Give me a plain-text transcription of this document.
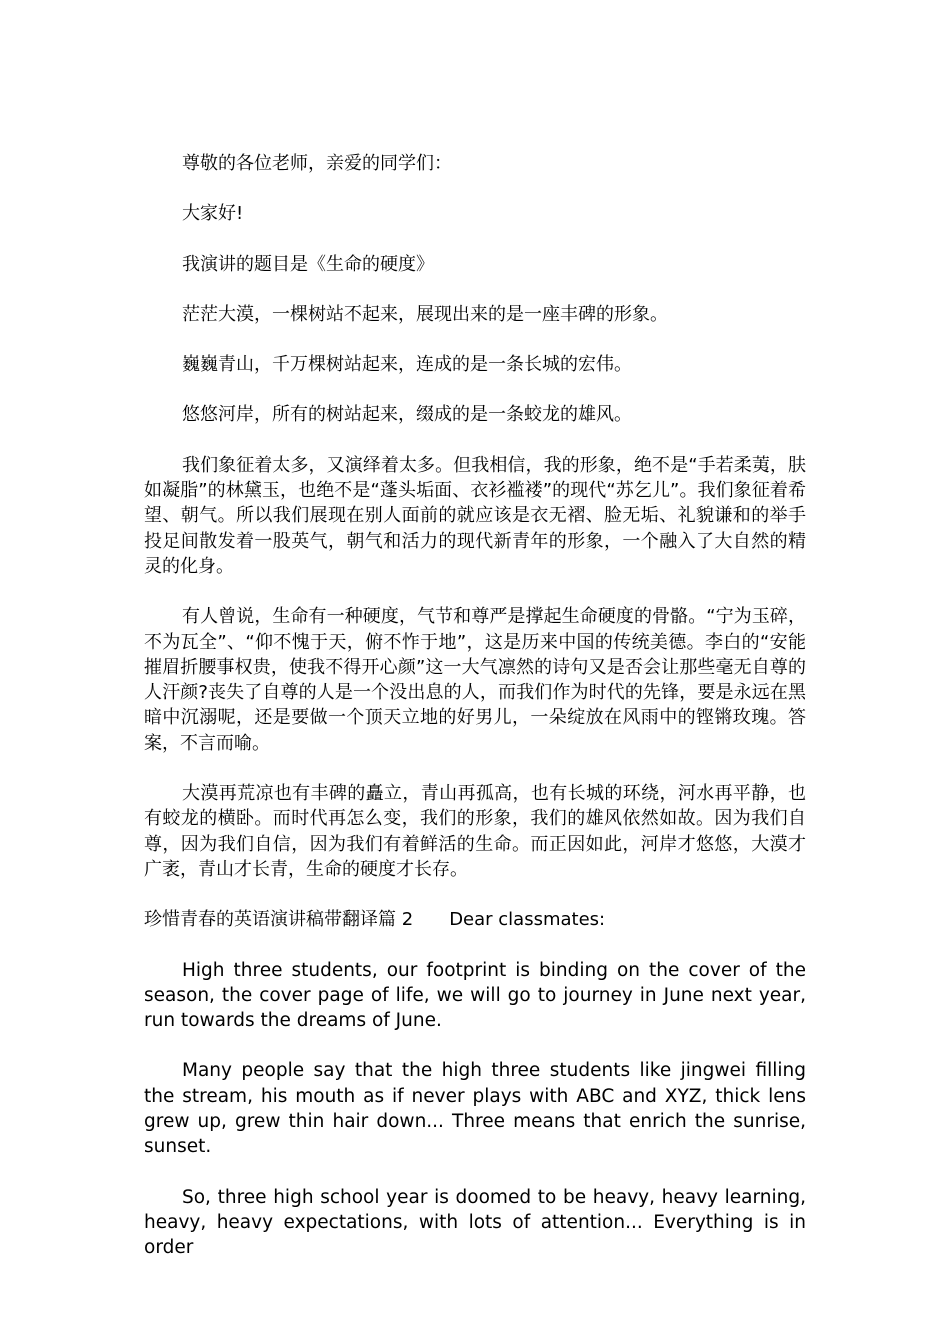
尊敬的各位老师，亲爱的同学们：

大家好!

我演讲的题目是《生命的硬度》

茫茫大漠，一棵树站不起来，展现出来的是一座丰碑的形象。

巍巍青山，千万棵树站起来，连成的是一条长城的宏伟。

悠悠河岸，所有的树站起来，缀成的是一条蛟龙的雄风。

我们象征着太多，又演绎着太多。但我相信，我的形象，绝不是“手若柔荑，肤如凝脂”的林黛玉，也绝不是“蓬头垢面、衣衫褴褛”的现代“苏乞儿”。我们象征着希望、朝气。所以我们展现在别人面前的就应该是衣无褶、脸无垢、礼貌谦和的举手投足间散发着一股英气，朝气和活力的现代新青年的形象，一个融入了大自然的精灵的化身。

有人曾说，生命有一种硬度，气节和尊严是撑起生命硬度的骨骼。“宁为玉碎，不为瓦全”、“仰不愧于天，俯不怍于地”，这是历来中国的传统美德。李白的“安能摧眉折腰事权贵，使我不得开心颜”这一大气凛然的诗句又是否会让那些毫无自尊的人汗颜?丧失了自尊的人是一个没出息的人，而我们作为时代的先锋，要是永远在黑暗中沉溺呢，还是要做一个顶天立地的好男儿，一朵绽放在风雨中的铿锵玫瑰。答案，不言而喻。

大漠再荒凉也有丰碑的矗立，青山再孤高，也有长城的环绕，河水再平静，也有蛟龙的横卧。而时代再怎么变，我们的形象，我们的雄风依然如故。因为我们自尊，因为我们自信，因为我们有着鲜活的生命。而正因如此，河岸才悠悠，大漠才广袤，青山才长青，生命的硬度才长存。

珍惜青春的英语演讲稿带翻译篇 2 Dear classmates:

High three students, our footprint is binding on the cover of the season, the cover page of life, we will go to journey in June next year, run towards the dreams of June.

Many people say that the high three students like jingwei filling the stream, his mouth as if never plays with ABC and XYZ, thick lens grew up, grew thin hair down... Three means that enrich the sunrise, sunset.

So, three high school year is doomed to be heavy, heavy learning, heavy, heavy expectations, with lots of attention... Everything is in order
